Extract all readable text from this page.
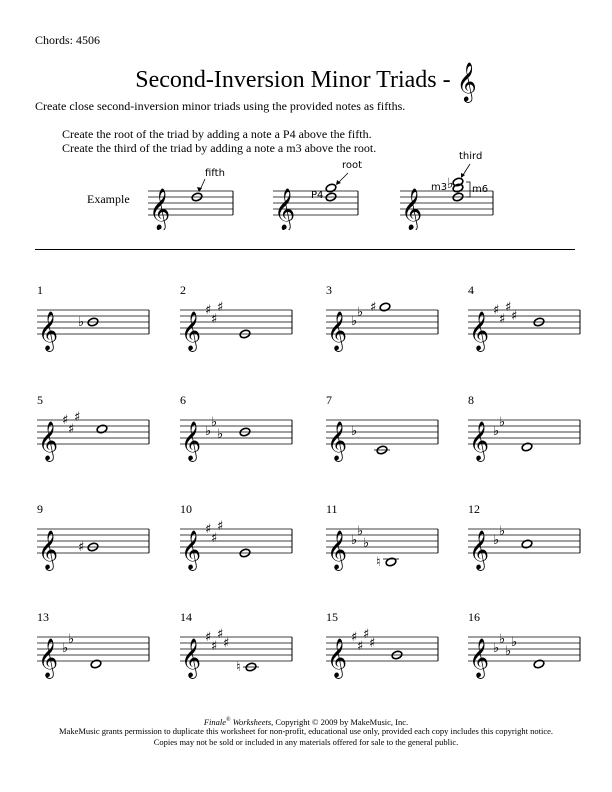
Chords: 4506
Second-Inversion Minor Triads - 𝄞
Create close second-inversion minor triads using the provided notes as fifths.
Create the root of the triad by adding a note a P4 above the fifth.
Create the third of the triad by adding a note a m3 above the root.
Example 𝄞
fifth
𝄞 P4
root
𝄞
♭
m3 m6
third
1
𝄞 ♭
2
𝄞
♯
♯
♯
3
𝄞 ♭
♭ ♯
4
𝄞
♯
♯
♯
♯
5
𝄞
♯
♯
♯
6
𝄞 ♭
♭
♭
7
𝄞 ♭
8
𝄞 ♭
♭
9
𝄞 ♯
10
𝄞
♯
♯
♯
11
𝄞 ♭
♭
♭
♮
12
𝄞 ♭
♭
13
𝄞 ♭
♭
14
𝄞
♯
♯
♯
♯
♮
15
𝄞
♯
♯
♯
♯
16
𝄞 ♭
♭
♭
♭
Finale® Worksheets, Copyright © 2009 by MakeMusic, Inc.
MakeMusic grants permission to duplicate this worksheet for non-profit, educational use only, provided each copy includes this copyright notice.
Copies may not be sold or included in any materials offered for sale to the general public.
